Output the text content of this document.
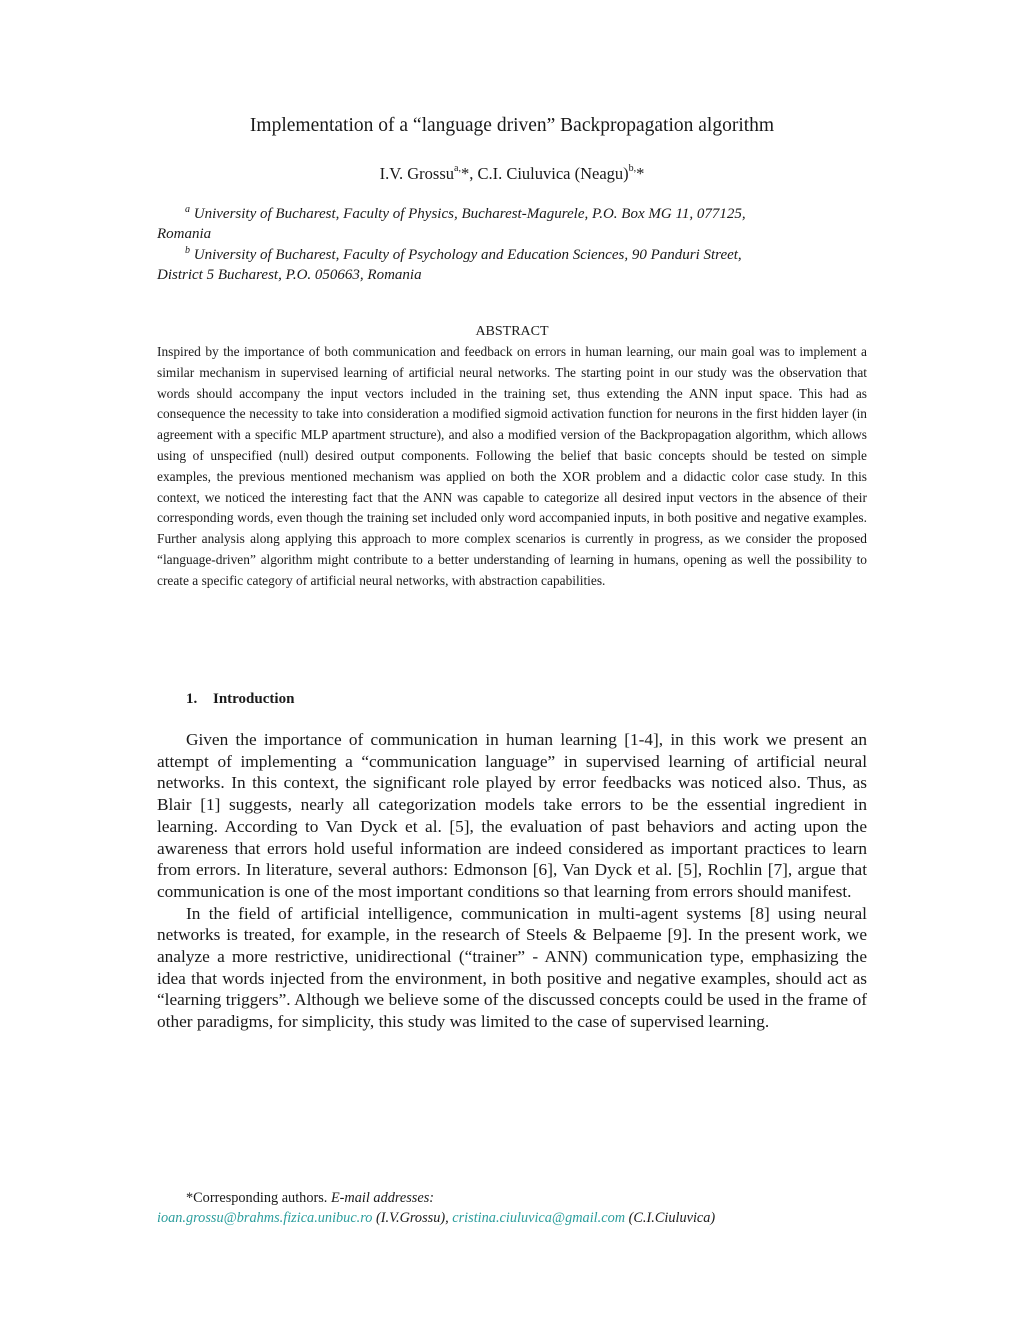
Implementation of a “language driven” Backpropagation algorithm
I.V. Grossu$^{a,}$*, C.I. Ciuluvica (Neagu)$^{b,}$*
$^a$ University of Bucharest, Faculty of Physics, Bucharest-Magurele, P.O. Box MG 11, 077125,
Romania
$^b$ University of Bucharest, Faculty of Psychology and Education Sciences, 90 Panduri Street,
District 5 Bucharest, P.O. 050663, Romania
ABSTRACT
Inspired by the importance of both communication and feedback on errors in human learning, our main goal was to implement a similar mechanism in supervised learning of artificial neural networks. The starting point in our study was the observation that words should accompany the input vectors included in the training set, thus extending the ANN input space. This had as consequence the necessity to take into consideration a modified sigmoid activation function for neurons in the first hidden layer (in agreement with a specific MLP apartment structure), and also a modified version of the Backpropagation algorithm, which allows using of unspecified (null) desired output components. Following the belief that basic concepts should be tested on simple examples, the previous mentioned mechanism was applied on both the XOR problem and a didactic color case study. In this context, we noticed the interesting fact that the ANN was capable to categorize all desired input vectors in the absence of their corresponding words, even though the training set included only word accompanied inputs, in both positive and negative examples. Further analysis along applying this approach to more complex scenarios is currently in progress, as we consider the proposed “language-driven” algorithm might contribute to a better understanding of learning in humans, opening as well the possibility to create a specific category of artificial neural networks, with abstraction capabilities.
1. Introduction

Given the importance of communication in human learning [1-4], in this work we present an attempt of implementing a “communication language” in supervised learning of artificial neural networks. In this context, the significant role played by error feedbacks was noticed also. Thus, as Blair [1] suggests, nearly all categorization models take errors to be the essential ingredient in learning. According to Van Dyck et al. [5], the evaluation of past behaviors and acting upon the awareness that errors hold useful information are indeed considered as important practices to learn from errors. In literature, several authors: Edmonson [6], Van Dyck et al. [5], Rochlin [7], argue that communication is one of the most important conditions so that learning from errors should manifest.

In the field of artificial intelligence, communication in multi-agent systems [8] using neural networks is treated, for example, in the research of Steels & Belpaeme [9]. In the present work, we analyze a more restrictive, unidirectional (“trainer” - ANN) communication type, emphasizing the idea that words injected from the environment, in both positive and negative examples, should act as “learning triggers”. Although we believe some of the discussed concepts could be used in the frame of other paradigms, for simplicity, this study was limited to the case of supervised learning.

*Corresponding authors. E-mail addresses:
ioan.grossu@brahms.fizica.unibuc.ro (I.V.Grossu), cristina.ciuluvica@gmail.com (C.I.Ciuluvica)
